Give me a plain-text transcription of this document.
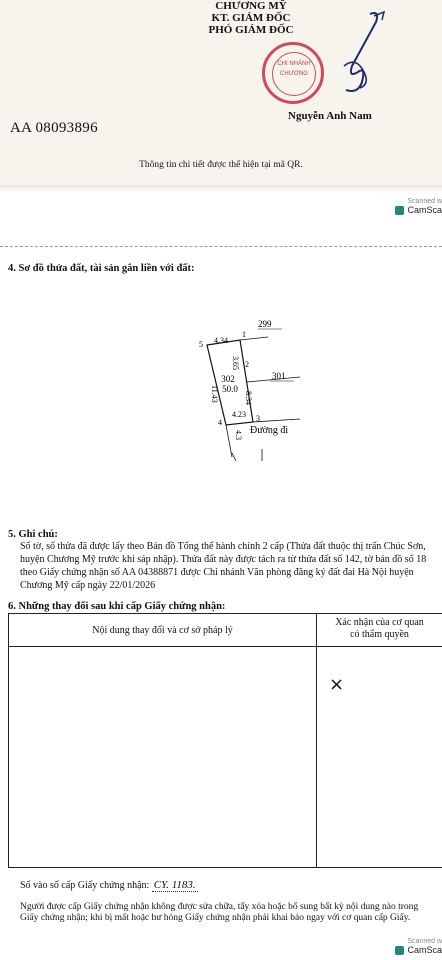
CHƯƠNG MỸ
KT. GIÁM ĐỐC
PHÓ GIÁM ĐỐC
CHI NHÁNH
CHƯƠNG
AA 08093896
Nguyễn Anh Nam
Thông tin chi tiết được thể hiện tại mã QR.
Scanned w
CamSca
4. Sơ đồ thửa đất, tài sản gắn liền với đất:
299
301
302
50.0
4.34
4.23
Đường đi
11.43
3.65
8.34
4.3
1
2
3
4
5
5. Ghi chú:
Số tờ, số thửa đã được lấy theo Bản đồ Tổng thể hành chính 2 cấp (Thửa đất thuộc thị trấn Chúc Sơn, huyện Chương Mỹ trước khi sáp nhập). Thửa đất này được tách ra từ thửa đất số 142, tờ bản đồ số 18 theo Giấy chứng nhận số AA 04388871 được Chi nhánh Văn phòng đăng ký đất đai Hà Nội huyện Chương Mỹ cấp ngày 22/01/2026
6. Những thay đổi sau khi cấp Giấy chứng nhận:
Nội dung thay đổi và cơ sở pháp lý
Xác nhận của cơ quan
có thẩm quyền
×
Số vào sổ cấp Giấy chứng nhận: CY. 1183.
Người được cấp Giấy chứng nhận không được sửa chữa, tẩy xóa hoặc bổ sung bất kỳ nội dung nào trong Giấy chứng nhận; khi bị mất hoặc hư hỏng Giấy chứng nhận phải khai báo ngay với cơ quan cấp Giấy.
Scanned w
CamSca
